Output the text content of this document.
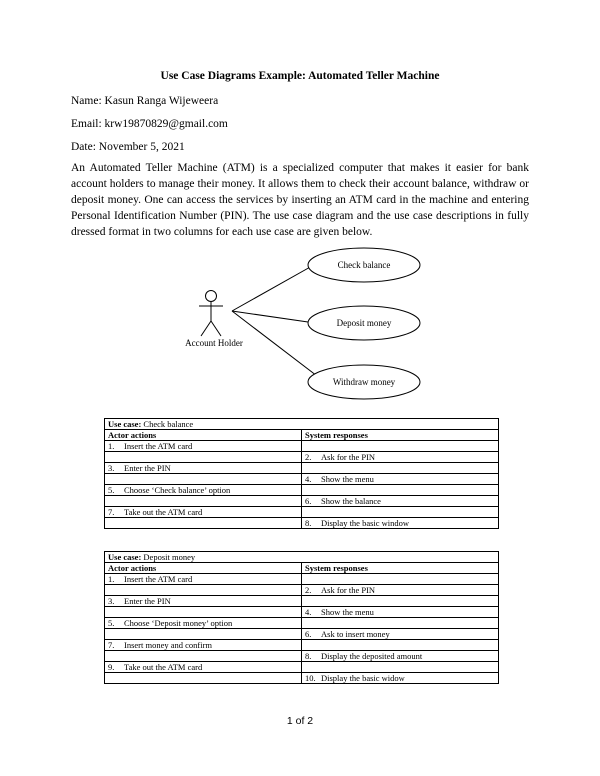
Use Case Diagrams Example: Automated Teller Machine
Name: Kasun Ranga Wijeweera
Email: krw19870829@gmail.com
Date: November 5, 2021
An Automated Teller Machine (ATM) is a specialized computer that makes it easier for bank account holders to manage their money. It allows them to check their account balance, withdraw or deposit money. One can access the services by inserting an ATM card in the machine and entering Personal Identification Number (PIN). The use case diagram and the use case descriptions in fully dressed format in two columns for each use case are given below.
Account Holder
Check balance
Deposit money
Withdraw money
Use case: Check balance	
Actor actions	System responses
1. Insert the ATM card	
	2. Ask for the PIN
3. Enter the PIN	
	4. Show the menu
5. Choose ‘Check balance’ option	
	6. Show the balance
7. Take out the ATM card	
	8. Display the basic window
Use case: Deposit money	
Actor actions	System responses
1. Insert the ATM card	
	2. Ask for the PIN
3. Enter the PIN	
	4. Show the menu
5. Choose ‘Deposit money’ option	
	6. Ask to insert money
7. Insert money and confirm	
	8. Display the deposited amount
9. Take out the ATM card	
	10. Display the basic widow
1 of 2
